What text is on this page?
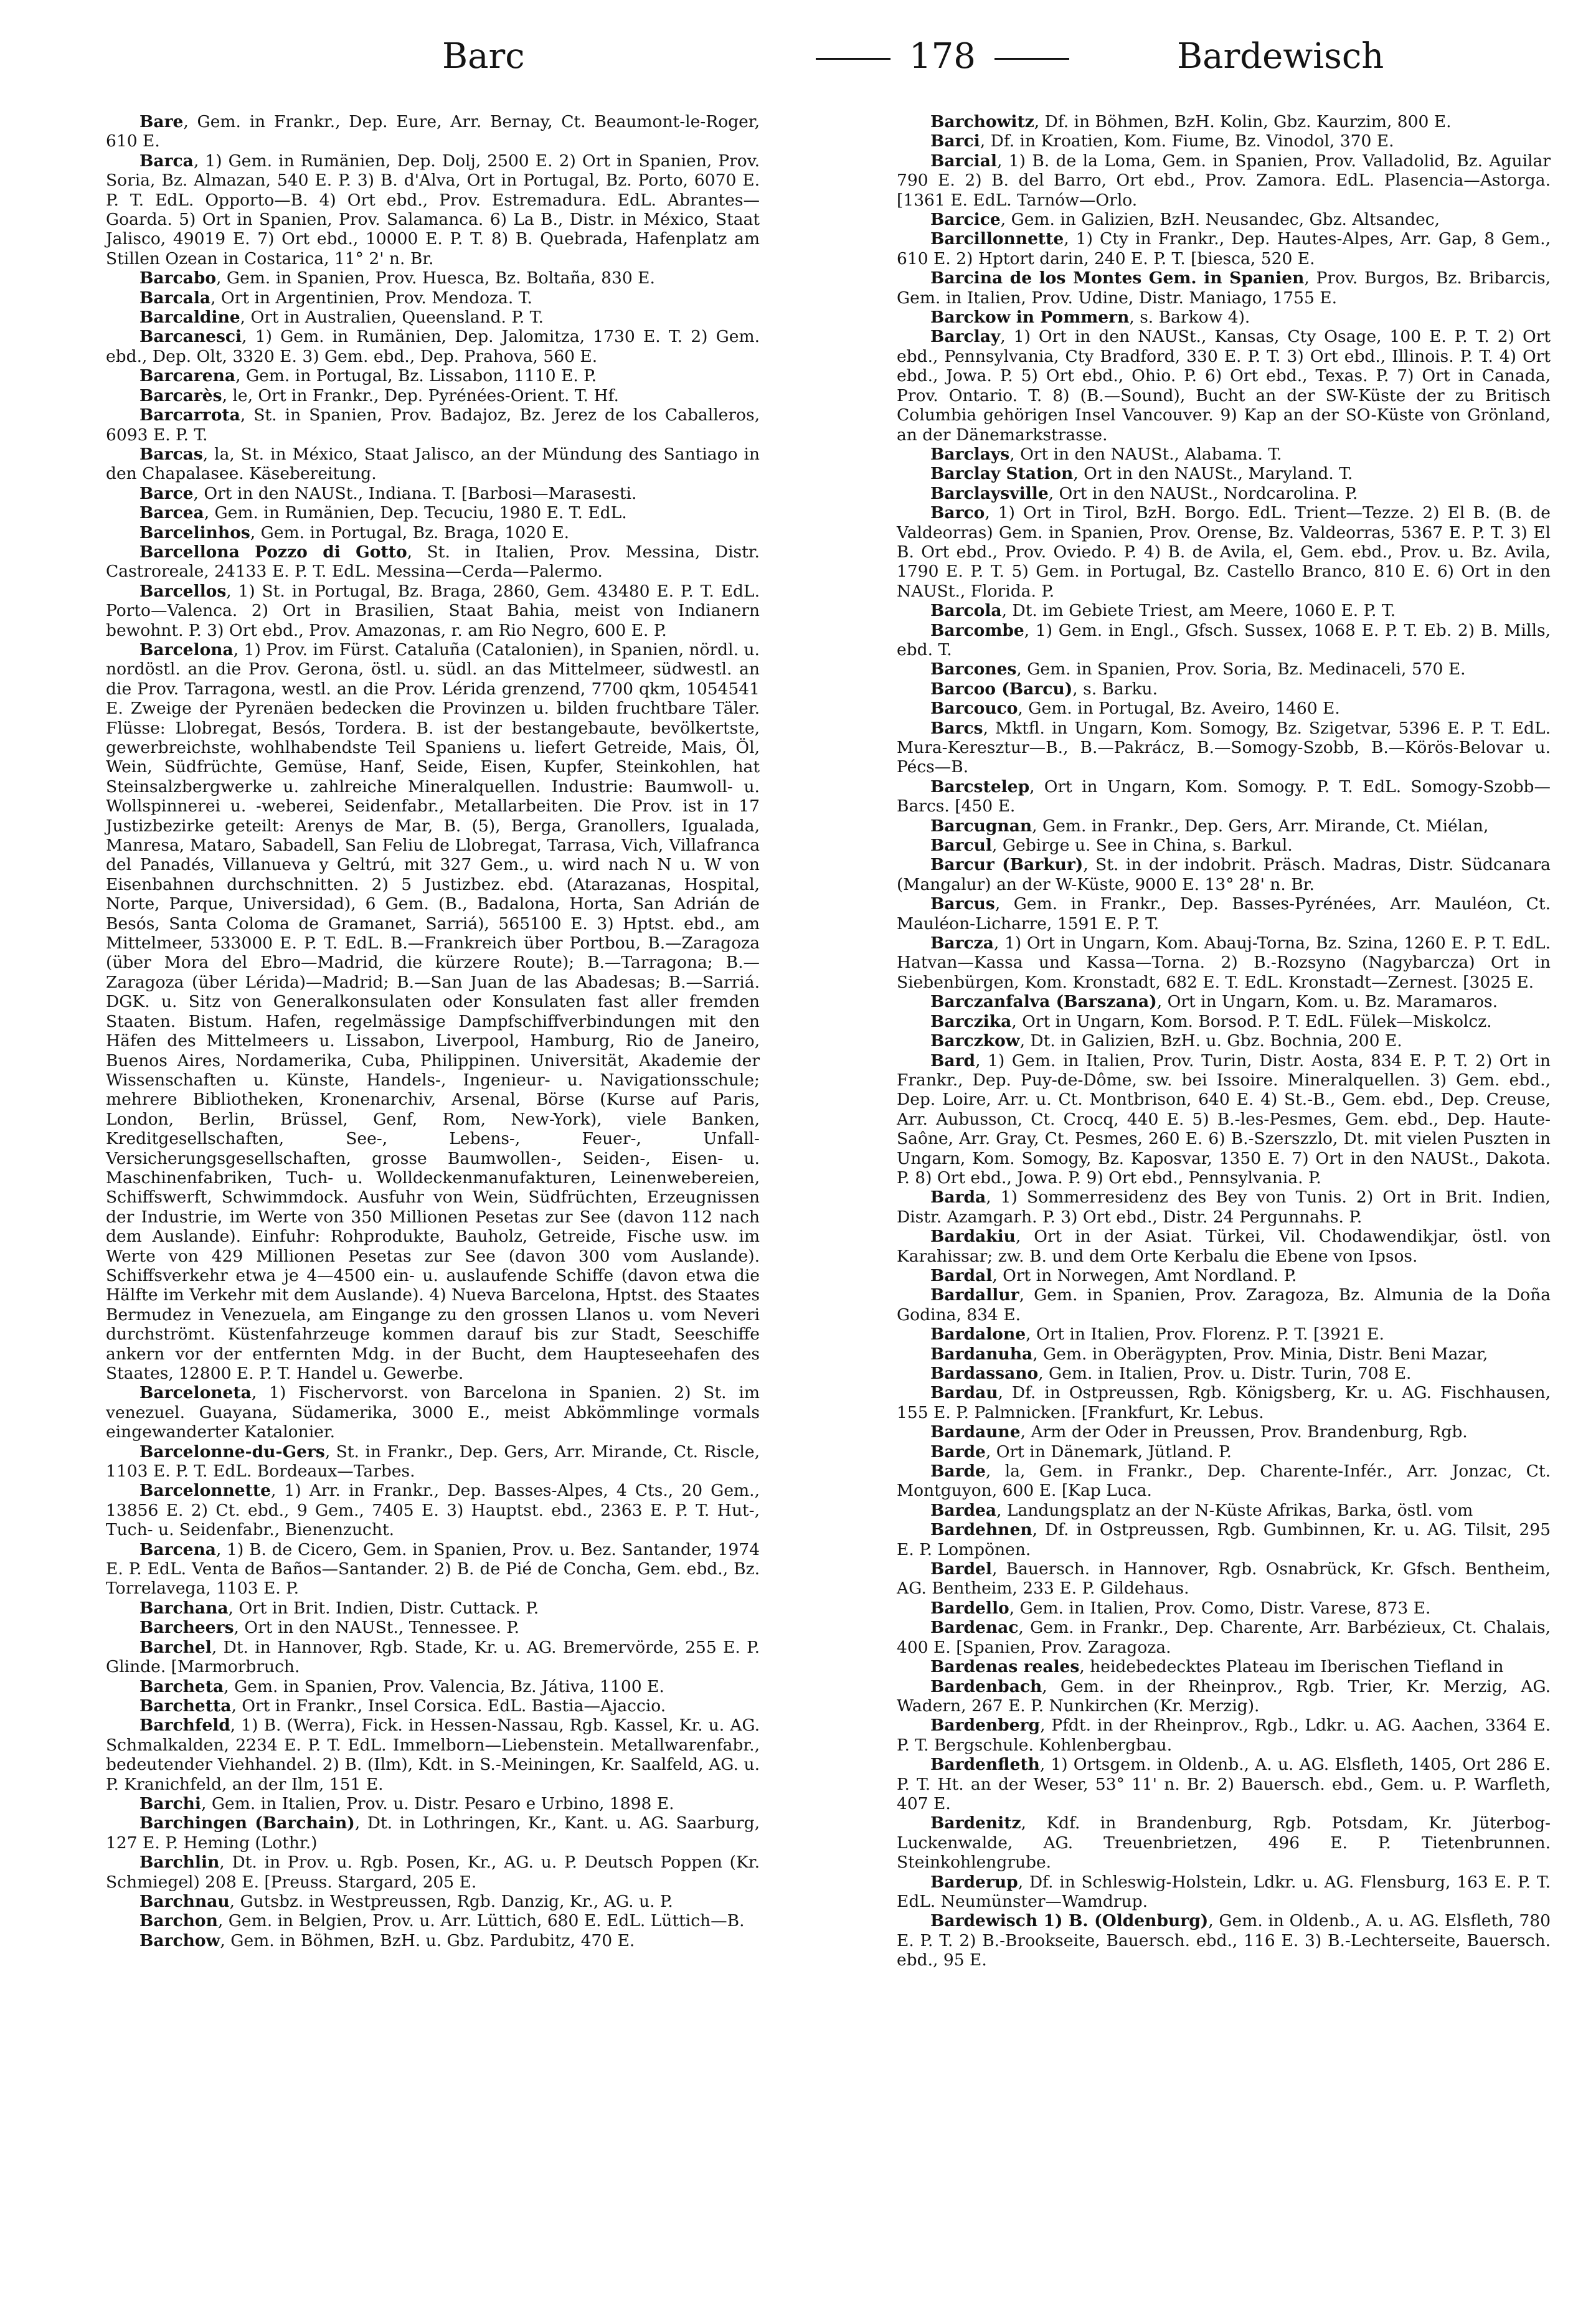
Barc	178	Bardewisch

Bare, Gem. in Frankr., Dep. Eure, Arr. Bernay, Ct. Beaumont-le-Roger, 610 E.

Barca, 1) Gem. in Rumänien, Dep. Dolj, 2500 E. 2) Ort in Spanien, Prov. Soria, Bz. Almazan, 540 E. P. 3) B. d'Alva, Ort in Portugal, Bz. Porto, 6070 E. P. T. EdL. Opporto—B. 4) Ort ebd., Prov. Estremadura. EdL. Abrantes—Goarda. 5) Ort in Spanien, Prov. Salamanca. 6) La B., Distr. in México, Staat Jalisco, 49019 E. 7) Ort ebd., 10000 E. P. T. 8) B. Quebrada, Hafenplatz am Stillen Ozean in Costarica, 11° 2' n. Br.

Barcabo, Gem. in Spanien, Prov. Huesca, Bz. Boltaña, 830 E.

Barcala, Ort in Argentinien, Prov. Mendoza. T.

Barcaldine, Ort in Australien, Queensland. P. T.

Barcanesci, 1) Gem. in Rumänien, Dep. Jalomitza, 1730 E. T. 2) Gem. ebd., Dep. Olt, 3320 E. 3) Gem. ebd., Dep. Prahova, 560 E.

Barcarena, Gem. in Portugal, Bz. Lissabon, 1110 E. P.

Barcarès, le, Ort in Frankr., Dep. Pyrénées-Orient. T. Hf.

Barcarrota, St. in Spanien, Prov. Badajoz, Bz. Jerez de los Caballeros, 6093 E. P. T.

Barcas, la, St. in México, Staat Jalisco, an der Mündung des Santiago in den Chapalasee. Käsebereitung.

Barce, Ort in den NAUSt., Indiana. T. [Barbosi—Marasesti.

Barcea, Gem. in Rumänien, Dep. Tecuciu, 1980 E. T. EdL.

Barcelinhos, Gem. in Portugal, Bz. Braga, 1020 E.

Barcellona Pozzo di Gotto, St. in Italien, Prov. Messina, Distr. Castroreale, 24133 E. P. T. EdL. Messina—Cerda—Palermo.

Barcellos, 1) St. in Portugal, Bz. Braga, 2860, Gem. 43480 E. P. T. EdL. Porto—Valenca. 2) Ort in Brasilien, Staat Bahia, meist von Indianern bewohnt. P. 3) Ort ebd., Prov. Amazonas, r. am Rio Negro, 600 E. P.

Barcelona, 1) Prov. im Fürst. Cataluña (Catalonien), in Spanien, nördl. u. nordöstl. an die Prov. Gerona, östl. u. südl. an das Mittelmeer, südwestl. an die Prov. Tarragona, westl. an die Prov. Lérida grenzend, 7700 qkm, 1054541 E. Zweige der Pyrenäen bedecken die Provinzen u. bilden fruchtbare Täler. Flüsse: Llobregat, Besós, Tordera. B. ist der bestangebaute, bevölkertste, gewerbreichste, wohlhabendste Teil Spaniens u. liefert Getreide, Mais, Öl, Wein, Südfrüchte, Gemüse, Hanf, Seide, Eisen, Kupfer, Steinkohlen, hat Steinsalzbergwerke u. zahlreiche Mineralquellen. Industrie: Baumwoll- u. Wollspinnerei u. -weberei, Seidenfabr., Metallarbeiten. Die Prov. ist in 17 Justizbezirke geteilt: Arenys de Mar, B. (5), Berga, Granollers, Igualada, Manresa, Mataro, Sabadell, San Feliu de Llobregat, Tarrasa, Vich, Villafranca del Panadés, Villanueva y Geltrú, mit 327 Gem., u. wird nach N u. W von Eisenbahnen durchschnitten. 2) 5 Justizbez. ebd. (Atarazanas, Hospital, Norte, Parque, Universidad), 6 Gem. (B., Badalona, Horta, San Adrián de Besós, Santa Coloma de Gramanet, Sarriá), 565100 E. 3) Hptst. ebd., am Mittelmeer, 533000 E. P. T. EdL. B.—Frankreich über Portbou, B.—Zaragoza (über Mora del Ebro—Madrid, die kürzere Route); B.—Tarragona; B.—Zaragoza (über Lérida)—Madrid; B.—San Juan de las Abadesas; B.—Sarriá. DGK. u. Sitz von Generalkonsulaten oder Konsulaten fast aller fremden Staaten. Bistum. Hafen, regelmässige Dampfschiffverbindungen mit den Häfen des Mittelmeers u. Lissabon, Liverpool, Hamburg, Rio de Janeiro, Buenos Aires, Nordamerika, Cuba, Philippinen. Universität, Akademie der Wissenschaften u. Künste, Handels-, Ingenieur- u. Navigationsschule; mehrere Bibliotheken, Kronenarchiv, Arsenal, Börse (Kurse auf Paris, London, Berlin, Brüssel, Genf, Rom, New-York), viele Banken, Kreditgesellschaften, See-, Lebens-, Feuer-, Unfall-Versicherungsgesellschaften, grosse Baumwollen-, Seiden-, Eisen- u. Maschinenfabriken, Tuch- u. Wolldeckenmanufakturen, Leinenwebereien, Schiffswerft, Schwimmdock. Ausfuhr von Wein, Südfrüchten, Erzeugnissen der Industrie, im Werte von 350 Millionen Pesetas zur See (davon 112 nach dem Auslande). Einfuhr: Rohprodukte, Bauholz, Getreide, Fische usw. im Werte von 429 Millionen Pesetas zur See (davon 300 vom Auslande). Schiffsverkehr etwa je 4—4500 ein- u. auslaufende Schiffe (davon etwa die Hälfte im Verkehr mit dem Auslande). 4) Nueva Barcelona, Hptst. des Staates Bermudez in Venezuela, am Eingange zu den grossen Llanos u. vom Neveri durchströmt. Küstenfahrzeuge kommen darauf bis zur Stadt, Seeschiffe ankern vor der entfernten Mdg. in der Bucht, dem Haupteseehafen des Staates, 12800 E. P. T. Handel u. Gewerbe.

Barceloneta, 1) Fischervorst. von Barcelona in Spanien. 2) St. im venezuel. Guayana, Südamerika, 3000 E., meist Abkömmlinge vormals eingewanderter Katalonier.

Barcelonne-du-Gers, St. in Frankr., Dep. Gers, Arr. Mirande, Ct. Riscle, 1103 E. P. T. EdL. Bordeaux—Tarbes.

Barcelonnette, 1) Arr. in Frankr., Dep. Basses-Alpes, 4 Cts., 20 Gem., 13856 E. 2) Ct. ebd., 9 Gem., 7405 E. 3) Hauptst. ebd., 2363 E. P. T. Hut-, Tuch- u. Seidenfabr., Bienenzucht.

Barcena, 1) B. de Cicero, Gem. in Spanien, Prov. u. Bez. Santander, 1974 E. P. EdL. Venta de Baños—Santander. 2) B. de Pié de Concha, Gem. ebd., Bz. Torrelavega, 1103 E. P.

Barchana, Ort in Brit. Indien, Distr. Cuttack. P.

Barcheers, Ort in den NAUSt., Tennessee. P.

Barchel, Dt. in Hannover, Rgb. Stade, Kr. u. AG. Bremervörde, 255 E. P. Glinde. [Marmorbruch.

Barcheta, Gem. in Spanien, Prov. Valencia, Bz. Játiva, 1100 E.

Barchetta, Ort in Frankr., Insel Corsica. EdL. Bastia—Ajaccio.

Barchfeld, 1) B. (Werra), Fick. in Hessen-Nassau, Rgb. Kassel, Kr. u. AG. Schmalkalden, 2234 E. P. T. EdL. Immelborn—Liebenstein. Metallwarenfabr., bedeutender Viehhandel. 2) B. (Ilm), Kdt. in S.-Meiningen, Kr. Saalfeld, AG. u. P. Kranichfeld, an der Ilm, 151 E.

Barchi, Gem. in Italien, Prov. u. Distr. Pesaro e Urbino, 1898 E.

Barchingen (Barchain), Dt. in Lothringen, Kr., Kant. u. AG. Saarburg, 127 E. P. Heming (Lothr.)

Barchlin, Dt. in Prov. u. Rgb. Posen, Kr., AG. u. P. Deutsch Poppen (Kr. Schmiegel) 208 E. [Preuss. Stargard, 205 E.

Barchnau, Gutsbz. in Westpreussen, Rgb. Danzig, Kr., AG. u. P.

Barchon, Gem. in Belgien, Prov. u. Arr. Lüttich, 680 E. EdL. Lüttich—B.

Barchow, Gem. in Böhmen, BzH. u. Gbz. Pardubitz, 470 E.

Barchowitz, Df. in Böhmen, BzH. Kolin, Gbz. Kaurzim, 800 E.

Barci, Df. in Kroatien, Kom. Fiume, Bz. Vinodol, 370 E.

Barcial, 1) B. de la Loma, Gem. in Spanien, Prov. Valladolid, Bz. Aguilar 790 E. 2) B. del Barro, Ort ebd., Prov. Zamora. EdL. Plasencia—Astorga. [1361 E. EdL. Tarnów—Orlo.

Barcice, Gem. in Galizien, BzH. Neusandec, Gbz. Altsandec,

Barcillonnette, 1) Cty in Frankr., Dep. Hautes-Alpes, Arr. Gap, 8 Gem., 610 E. 2) Hptort darin, 240 E. P. T. [biesca, 520 E.

Barcina de los Montes Gem. in Spanien, Prov. Burgos, Bz. Bribarcis, Gem. in Italien, Prov. Udine, Distr. Maniago, 1755 E.

Barckow in Pommern, s. Barkow 4).

Barclay, 1) Ort in den NAUSt., Kansas, Cty Osage, 100 E. P. T. 2) Ort ebd., Pennsylvania, Cty Bradford, 330 E. P. T. 3) Ort ebd., Illinois. P. T. 4) Ort ebd., Jowa. P. 5) Ort ebd., Ohio. P. 6) Ort ebd., Texas. P. 7) Ort in Canada, Prov. Ontario. T. 8) (B.—Sound), Bucht an der SW-Küste der zu Britisch Columbia gehörigen Insel Vancouver. 9) Kap an der SO-Küste von Grönland, an der Dänemarkstrasse.

Barclays, Ort in den NAUSt., Alabama. T.

Barclay Station, Ort in den NAUSt., Maryland. T.

Barclaysville, Ort in den NAUSt., Nordcarolina. P.

Barco, 1) Ort in Tirol, BzH. Borgo. EdL. Trient—Tezze. 2) El B. (B. de Valdeorras) Gem. in Spanien, Prov. Orense, Bz. Valdeorras, 5367 E. P. T. 3) El B. Ort ebd., Prov. Oviedo. P. 4) B. de Avila, el, Gem. ebd., Prov. u. Bz. Avila, 1790 E. P. T. 5) Gem. in Portugal, Bz. Castello Branco, 810 E. 6) Ort in den NAUSt., Florida. P.

Barcola, Dt. im Gebiete Triest, am Meere, 1060 E. P. T.

Barcombe, 1) Gem. in Engl., Gfsch. Sussex, 1068 E. P. T. Eb. 2) B. Mills, ebd. T.

Barcones, Gem. in Spanien, Prov. Soria, Bz. Medinaceli, 570 E.

Barcoo (Barcu), s. Barku.

Barcouco, Gem. in Portugal, Bz. Aveiro, 1460 E.

Barcs, Mktfl. in Ungarn, Kom. Somogy, Bz. Szigetvar, 5396 E. P. T. EdL. Mura-Keresztur—B., B.—Pakrácz, B.—Somogy-Szobb, B.—Körös-Belovar u. Pécs—B.

Barcstelep, Ort in Ungarn, Kom. Somogy. P. T. EdL. Somogy-Szobb—Barcs. [450 E.

Barcugnan, Gem. in Frankr., Dep. Gers, Arr. Mirande, Ct. Miélan,

Barcul, Gebirge u. See in China, s. Barkul.

Barcur (Barkur), St. in der indobrit. Präsch. Madras, Distr. Südcanara (Mangalur) an der W-Küste, 9000 E. 13° 28' n. Br.

Barcus, Gem. in Frankr., Dep. Basses-Pyrénées, Arr. Mauléon, Ct. Mauléon-Licharre, 1591 E. P. T.

Barcza, 1) Ort in Ungarn, Kom. Abauj-Torna, Bz. Szina, 1260 E. P. T. EdL. Hatvan—Kassa und Kassa—Torna. 2) B.-Rozsyno (Nagybarcza) Ort in Siebenbürgen, Kom. Kronstadt, 682 E. T. EdL. Kronstadt—Zernest. [3025 E.

Barczanfalva (Barszana), Ort in Ungarn, Kom. u. Bz. Maramaros.

Barczika, Ort in Ungarn, Kom. Borsod. P. T. EdL. Fülek—Miskolcz.

Barczkow, Dt. in Galizien, BzH. u. Gbz. Bochnia, 200 E.

Bard, 1) Gem. in Italien, Prov. Turin, Distr. Aosta, 834 E. P. T. 2) Ort in Frankr., Dep. Puy-de-Dôme, sw. bei Issoire. Mineralquellen. 3) Gem. ebd., Dep. Loire, Arr. u. Ct. Montbrison, 640 E. 4) St.-B., Gem. ebd., Dep. Creuse, Arr. Aubusson, Ct. Crocq, 440 E. 5) B.-les-Pesmes, Gem. ebd., Dep. Haute-Saône, Arr. Gray, Ct. Pesmes, 260 E. 6) B.-Szerszzlo, Dt. mit vielen Puszten in Ungarn, Kom. Somogy, Bz. Kaposvar, 1350 E. 7) Ort in den NAUSt., Dakota. P. 8) Ort ebd., Jowa. P. 9) Ort ebd., Pennsylvania. P.

Barda, 1) Sommerresidenz des Bey von Tunis. 2) Ort in Brit. Indien, Distr. Azamgarh. P. 3) Ort ebd., Distr. 24 Pergunnahs. P.

Bardakiu, Ort in der Asiat. Türkei, Vil. Chodawendikjar, östl. von Karahissar; zw. B. und dem Orte Kerbalu die Ebene von Ipsos.

Bardal, Ort in Norwegen, Amt Nordland. P.

Bardallur, Gem. in Spanien, Prov. Zaragoza, Bz. Almunia de la Doña Godina, 834 E.

Bardalone, Ort in Italien, Prov. Florenz. P. T. [3921 E.

Bardanuha, Gem. in Oberägypten, Prov. Minia, Distr. Beni Mazar,

Bardassano, Gem. in Italien, Prov. u. Distr. Turin, 708 E.

Bardau, Df. in Ostpreussen, Rgb. Königsberg, Kr. u. AG. Fischhausen, 155 E. P. Palmnicken. [Frankfurt, Kr. Lebus.

Bardaune, Arm der Oder in Preussen, Prov. Brandenburg, Rgb.

Barde, Ort in Dänemark, Jütland. P.

Barde, la, Gem. in Frankr., Dep. Charente-Infér., Arr. Jonzac, Ct. Montguyon, 600 E. [Kap Luca.

Bardea, Landungsplatz an der N-Küste Afrikas, Barka, östl. vom

Bardehnen, Df. in Ostpreussen, Rgb. Gumbinnen, Kr. u. AG. Tilsit, 295 E. P. Lompönen.

Bardel, Bauersch. in Hannover, Rgb. Osnabrück, Kr. Gfsch. Bentheim, AG. Bentheim, 233 E. P. Gildehaus.

Bardello, Gem. in Italien, Prov. Como, Distr. Varese, 873 E.

Bardenac, Gem. in Frankr., Dep. Charente, Arr. Barbézieux, Ct. Chalais, 400 E. [Spanien, Prov. Zaragoza.

Bardenas reales, heidebedecktes Plateau im Iberischen Tiefland in

Bardenbach, Gem. in der Rheinprov., Rgb. Trier, Kr. Merzig, AG. Wadern, 267 E. P. Nunkirchen (Kr. Merzig).

Bardenberg, Pfdt. in der Rheinprov., Rgb., Ldkr. u. AG. Aachen, 3364 E. P. T. Bergschule. Kohlenbergbau.

Bardenfleth, 1) Ortsgem. in Oldenb., A. u. AG. Elsfleth, 1405, Ort 286 E. P. T. Ht. an der Weser, 53° 11' n. Br. 2) Bauersch. ebd., Gem. u. P. Warfleth, 407 E.

Bardenitz, Kdf. in Brandenburg, Rgb. Potsdam, Kr. Jüterbog-Luckenwalde, AG. Treuenbrietzen, 496 E. P. Tietenbrunnen. Steinkohlengrube.

Barderup, Df. in Schleswig-Holstein, Ldkr. u. AG. Flensburg, 163 E. P. T. EdL. Neumünster—Wamdrup.

Bardewisch 1) B. (Oldenburg), Gem. in Oldenb., A. u. AG. Elsfleth, 780 E. P. T. 2) B.-Brookseite, Bauersch. ebd., 116 E. 3) B.-Lechterseite, Bauersch. ebd., 95 E.
